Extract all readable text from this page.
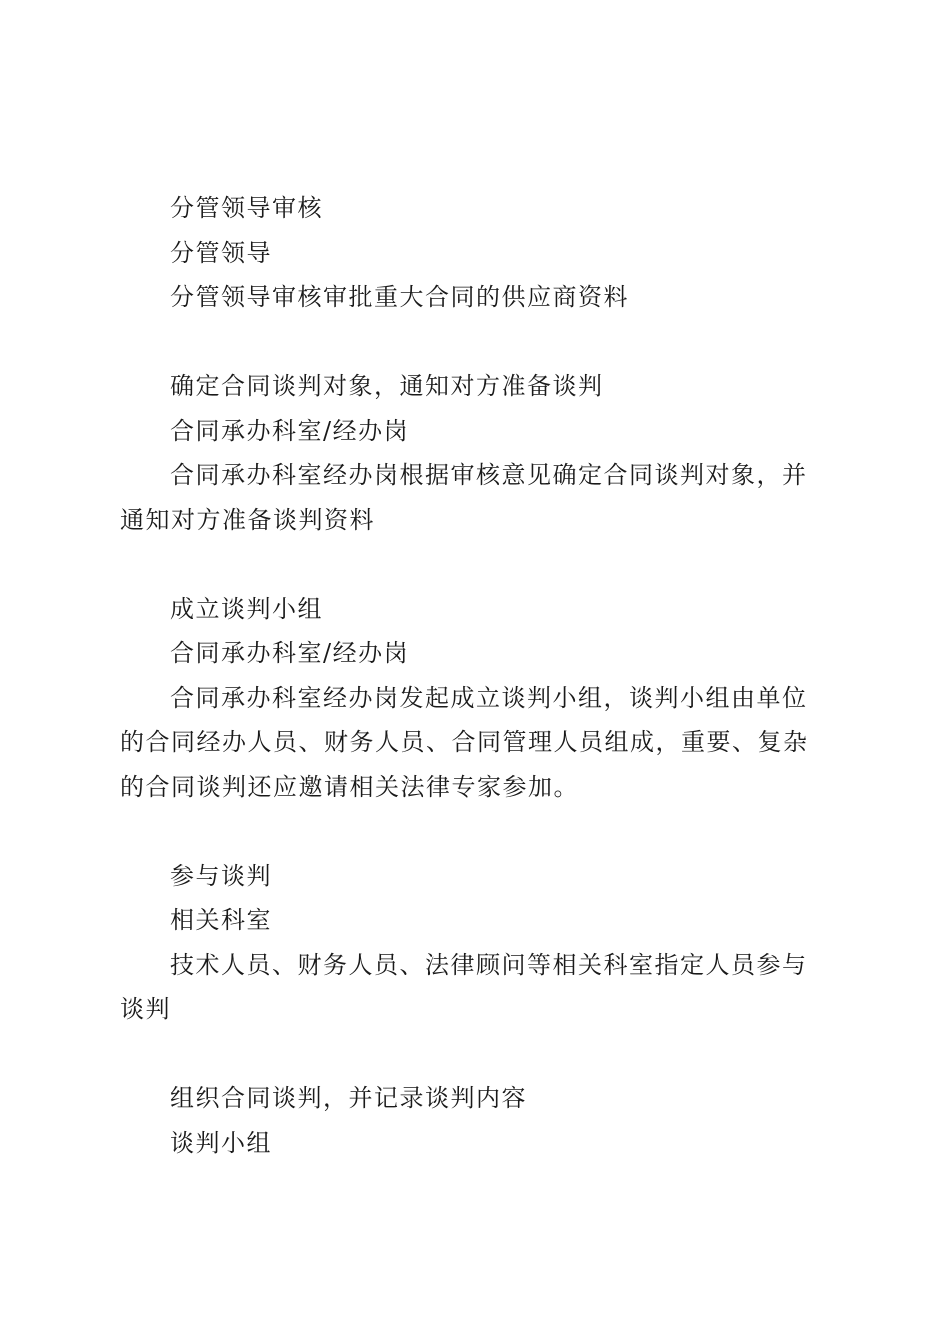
分管领导审核

分管领导

分管领导审核审批重大合同的供应商资料

确定合同谈判对象，通知对方准备谈判

合同承办科室/经办岗

合同承办科室经办岗根据审核意见确定合同谈判对象，并通知对方准备谈判资料

成立谈判小组

合同承办科室/经办岗

合同承办科室经办岗发起成立谈判小组，谈判小组由单位的合同经办人员、财务人员、合同管理人员组成，重要、复杂的合同谈判还应邀请相关法律专家参加。

参与谈判

相关科室

技术人员、财务人员、法律顾问等相关科室指定人员参与谈判

组织合同谈判，并记录谈判内容

谈判小组
